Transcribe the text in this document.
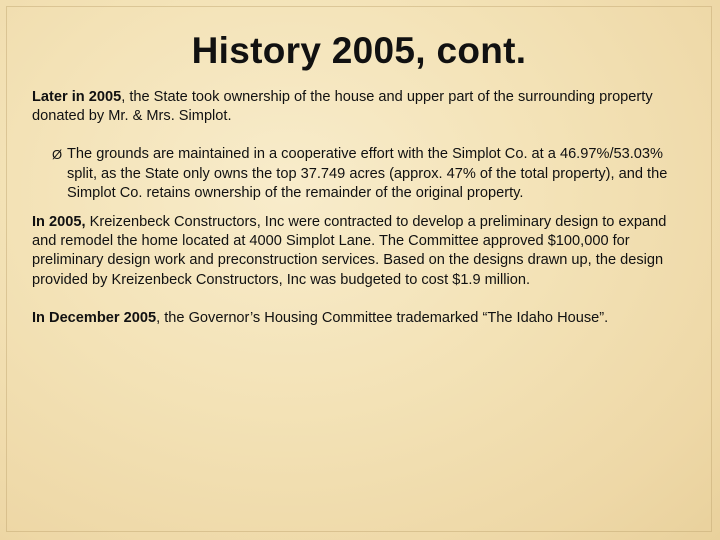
History 2005, cont.

Later in 2005, the State took ownership of the house and upper part of the surrounding property donated by Mr. & Mrs. Simplot.

Ø The grounds are maintained in a cooperative effort with the Simplot Co. at a 46.97%/53.03% split, as the State only owns the top 37.749 acres (approx. 47% of the total property), and the Simplot Co. retains ownership of the remainder of the original property.

In 2005, Kreizenbeck Constructors, Inc were contracted to develop a preliminary design to expand and remodel the home located at 4000 Simplot Lane. The Committee approved $100,000 for preliminary design work and preconstruction services. Based on the designs drawn up, the design provided by Kreizenbeck Constructors, Inc was budgeted to cost $1.9 million.

In December 2005, the Governor’s Housing Committee trademarked “The Idaho House”.
